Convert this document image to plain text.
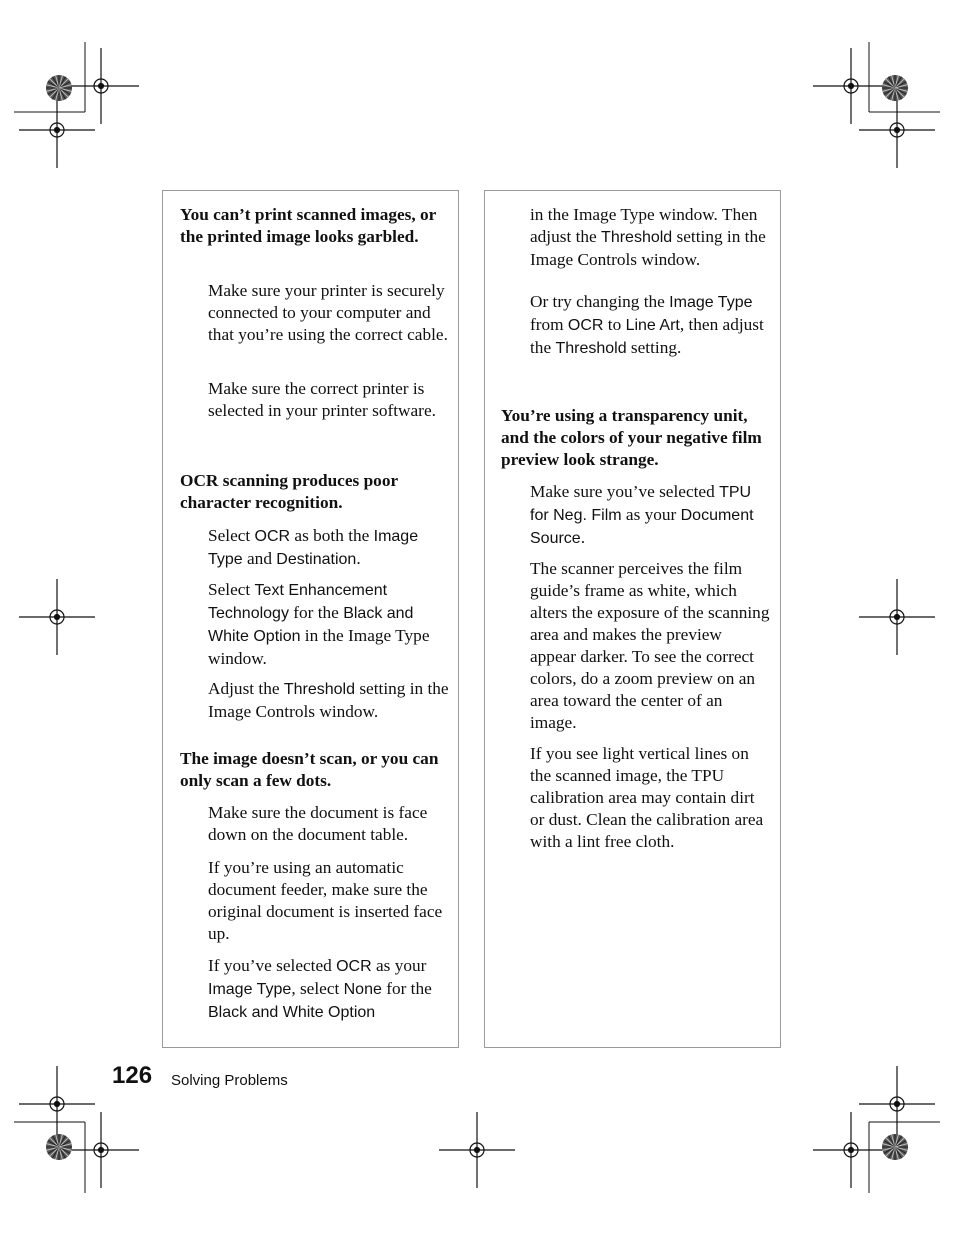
You can’t print scanned images, or the printed image looks garbled.
Make sure your printer is securely connected to your computer and that you’re using the correct cable.
Make sure the correct printer is selected in your printer software.
OCR scanning produces poor character recognition.
Select OCR as both the Image Type and Destination.
Select Text Enhancement Technology for the Black and White Option in the Image Type window.
Adjust the Threshold setting in the Image Controls window.
The image doesn’t scan, or you can only scan a few dots.
Make sure the document is face down on the document table.
If you’re using an automatic document feeder, make sure the original document is inserted face up.
If you’ve selected OCR as your Image Type, select None for the Black and White Option
in the Image Type window. Then adjust the Threshold setting in the Image Controls window.
Or try changing the Image Type from OCR to Line Art, then adjust the Threshold setting.
You’re using a transparency unit, and the colors of your negative film preview look strange.
Make sure you’ve selected TPU for Neg. Film as your Document Source.
The scanner perceives the film guide’s frame as white, which alters the exposure of the scanning area and makes the preview appear darker. To see the correct colors, do a zoom preview on an area toward the center of an image.
If you see light vertical lines on the scanned image, the TPU calibration area may contain dirt or dust. Clean the calibration area with a lint free cloth.
126 Solving Problems
